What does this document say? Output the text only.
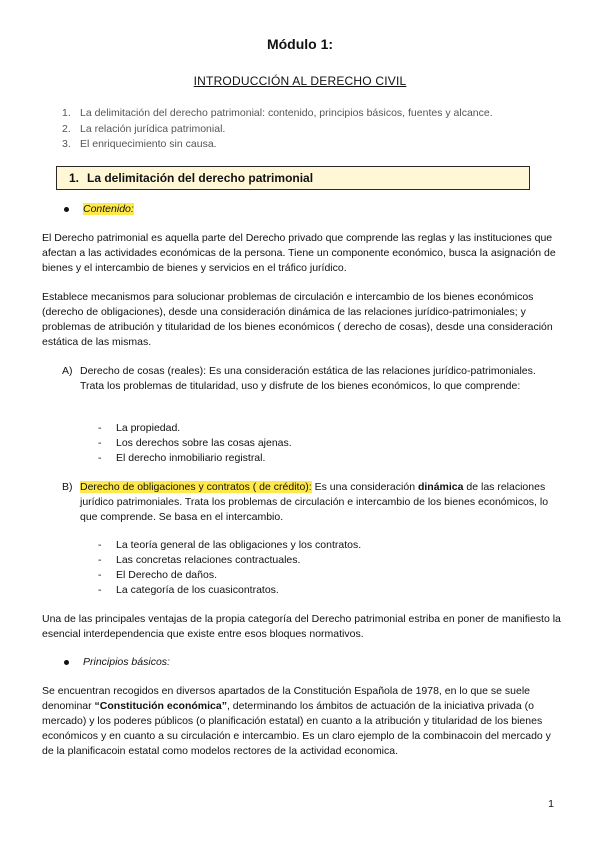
Módulo 1:
INTRODUCCIÓN AL DERECHO CIVIL
1. La delimitación del derecho patrimonial: contenido, principios básicos, fuentes y alcance.
2. La relación jurídica patrimonial.
3. El enriquecimiento sin causa.
1. La delimitación del derecho patrimonial
Contenido:
El Derecho patrimonial es aquella parte del Derecho privado que comprende las reglas y las instituciones que afectan a las actividades económicas de la persona. Tiene un componente económico, busca la asignación de bienes y el intercambio de bienes y servicios en el tráfico jurídico.
Establece mecanismos para solucionar problemas de circulación e intercambio de los bienes económicos (derecho de obligaciones), desde una consideración dinámica de las relaciones jurídico-patrimoniales; y problemas de atribución y titularidad de los bienes económicos ( derecho de cosas), desde una consideración estática de las mismas.
A) Derecho de cosas (reales): Es una consideración estática de las relaciones jurídico-patrimoniales. Trata los problemas de titularidad, uso y disfrute de los bienes económicos, lo que comprende:
-	La propiedad.
-	Los derechos sobre las cosas ajenas.
-	El derecho inmobiliario registral.
B) Derecho de obligaciones y contratos ( de crédito): Es una consideración dinámica de las relaciones jurídico patrimoniales. Trata los problemas de circulación e intercambio de los bienes económicos, lo que comprende. Se basa en el intercambio.
-	La teoría general de las obligaciones y los contratos.
-	Las concretas relaciones contractuales.
-	El Derecho de daños.
-	La categoría de los cuasicontratos.
Una de las principales ventajas de la propia categoría del Derecho patrimonial estriba en poner de manifiesto la esencial interdependencia que existe entre esos bloques normativos.
Principios básicos:
Se encuentran recogidos en diversos apartados de la Constitución Española de 1978, en lo que se suele denominar “Constitución económica”, determinando los ámbitos de actuación de la iniciativa privada (o mercado) y los poderes públicos (o planificación estatal) en cuanto a la atribución y titularidad de los bienes económicos y en cuanto a su circulación e intercambio. Es un claro ejemplo de la combinacoin del mercado y de la planificacoin estatal como modelos rectores de la actividad economica.
1
